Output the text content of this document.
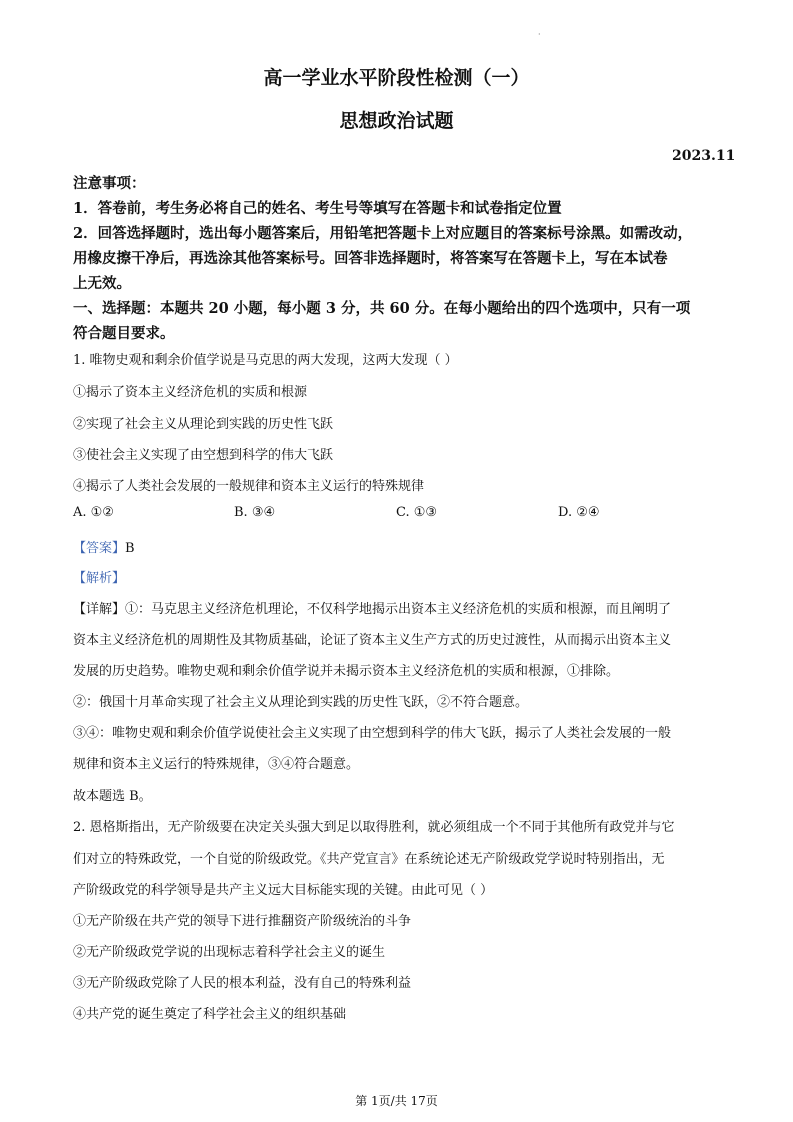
·
高一学业水平阶段性检测（一）
思想政治试题
2023.11
注意事项：
1．答卷前，考生务必将自己的姓名、考生号等填写在答题卡和试卷指定位置
2．回答选择题时，选出每小题答案后，用铅笔把答题卡上对应题目的答案标号涂黑。如需改动，
用橡皮擦干净后，再选涂其他答案标号。回答非选择题时，将答案写在答题卡上，写在本试卷
上无效。
一、选择题：本题共 20 小题，每小题 3 分，共 60 分。在每小题给出的四个选项中，只有一项
符合题目要求。
1. 唯物史观和剩余价值学说是马克思的两大发现，这两大发现（ ）
①揭示了资本主义经济危机的实质和根源
②实现了社会主义从理论到实践的历史性飞跃
③使社会主义实现了由空想到科学的伟大飞跃
④揭示了人类社会发展的一般规律和资本主义运行的特殊规律
A. ①②	B. ③④	C. ①③	D. ②④
【答案】B
【解析】
【详解】①：马克思主义经济危机理论，不仅科学地揭示出资本主义经济危机的实质和根源，而且阐明了
资本主义经济危机的周期性及其物质基础，论证了资本主义生产方式的历史过渡性，从而揭示出资本主义
发展的历史趋势。唯物史观和剩余价值学说并未揭示资本主义经济危机的实质和根源，①排除。
②：俄国十月革命实现了社会主义从理论到实践的历史性飞跃，②不符合题意。
③④：唯物史观和剩余价值学说使社会主义实现了由空想到科学的伟大飞跃，揭示了人类社会发展的一般
规律和资本主义运行的特殊规律，③④符合题意。
故本题选 B。
2. 恩格斯指出，无产阶级要在决定关头强大到足以取得胜利，就必须组成一个不同于其他所有政党并与它
们对立的特殊政党，一个自觉的阶级政党。《共产党宣言》在系统论述无产阶级政党学说时特别指出，无
产阶级政党的科学领导是共产主义远大目标能实现的关键。由此可见（ ）
①无产阶级在共产党的领导下进行推翻资产阶级统治的斗争
②无产阶级政党学说的出现标志着科学社会主义的诞生
③无产阶级政党除了人民的根本利益，没有自己的特殊利益
④共产党的诞生奠定了科学社会主义的组织基础
第 1页/共 17页
